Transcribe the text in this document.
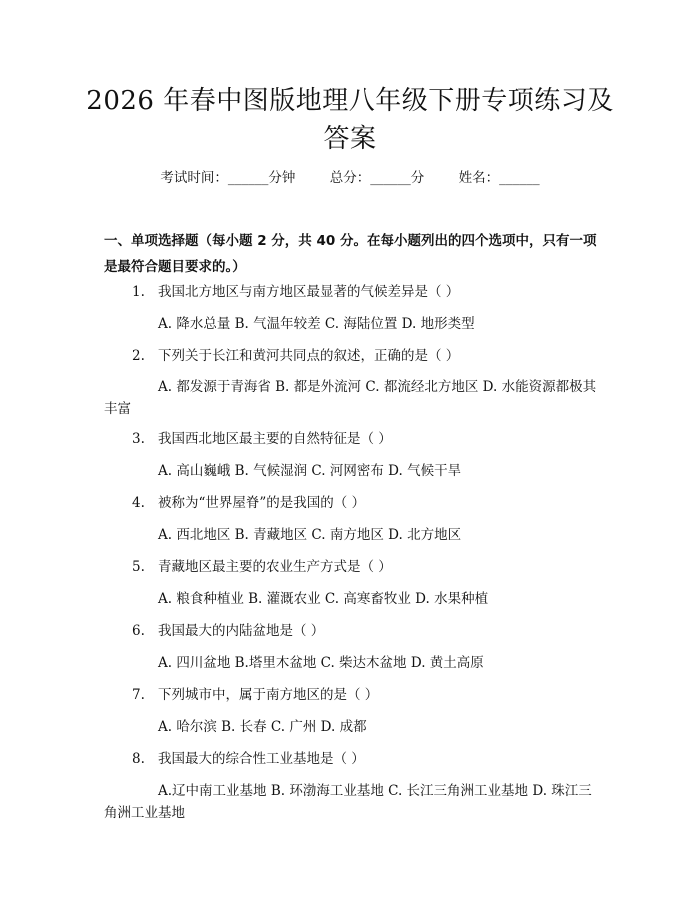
2026 年春中图版地理八年级下册专项练习及答案
考试时间：______分钟	总分：______分	姓名：______
一、单项选择题（每小题 2 分，共 40 分。在每小题列出的四个选项中，只有一项是最符合题目要求的。）
1. 我国北方地区与南方地区最显著的气候差异是（ ）
A. 降水总量 B. 气温年较差 C. 海陆位置 D. 地形类型
2. 下列关于长江和黄河共同点的叙述，正确的是（ ）
A. 都发源于青海省 B. 都是外流河 C. 都流经北方地区 D. 水能资源都极其丰富
3. 我国西北地区最主要的自然特征是（ ）
A. 高山巍峨 B. 气候湿润 C. 河网密布 D. 气候干旱
4. 被称为“世界屋脊”的是我国的（ ）
A. 西北地区 B. 青藏地区 C. 南方地区 D. 北方地区
5. 青藏地区最主要的农业生产方式是（ ）
A. 粮食种植业 B. 灌溉农业 C. 高寒畜牧业 D. 水果种植
6. 我国最大的内陆盆地是（ ）
A. 四川盆地 B.塔里木盆地 C. 柴达木盆地 D. 黄土高原
7. 下列城市中，属于南方地区的是（ ）
A. 哈尔滨 B. 长春 C. 广州 D. 成都
8. 我国最大的综合性工业基地是（ ）
A.辽中南工业基地 B. 环渤海工业基地 C. 长江三角洲工业基地 D. 珠江三角洲工业基地
